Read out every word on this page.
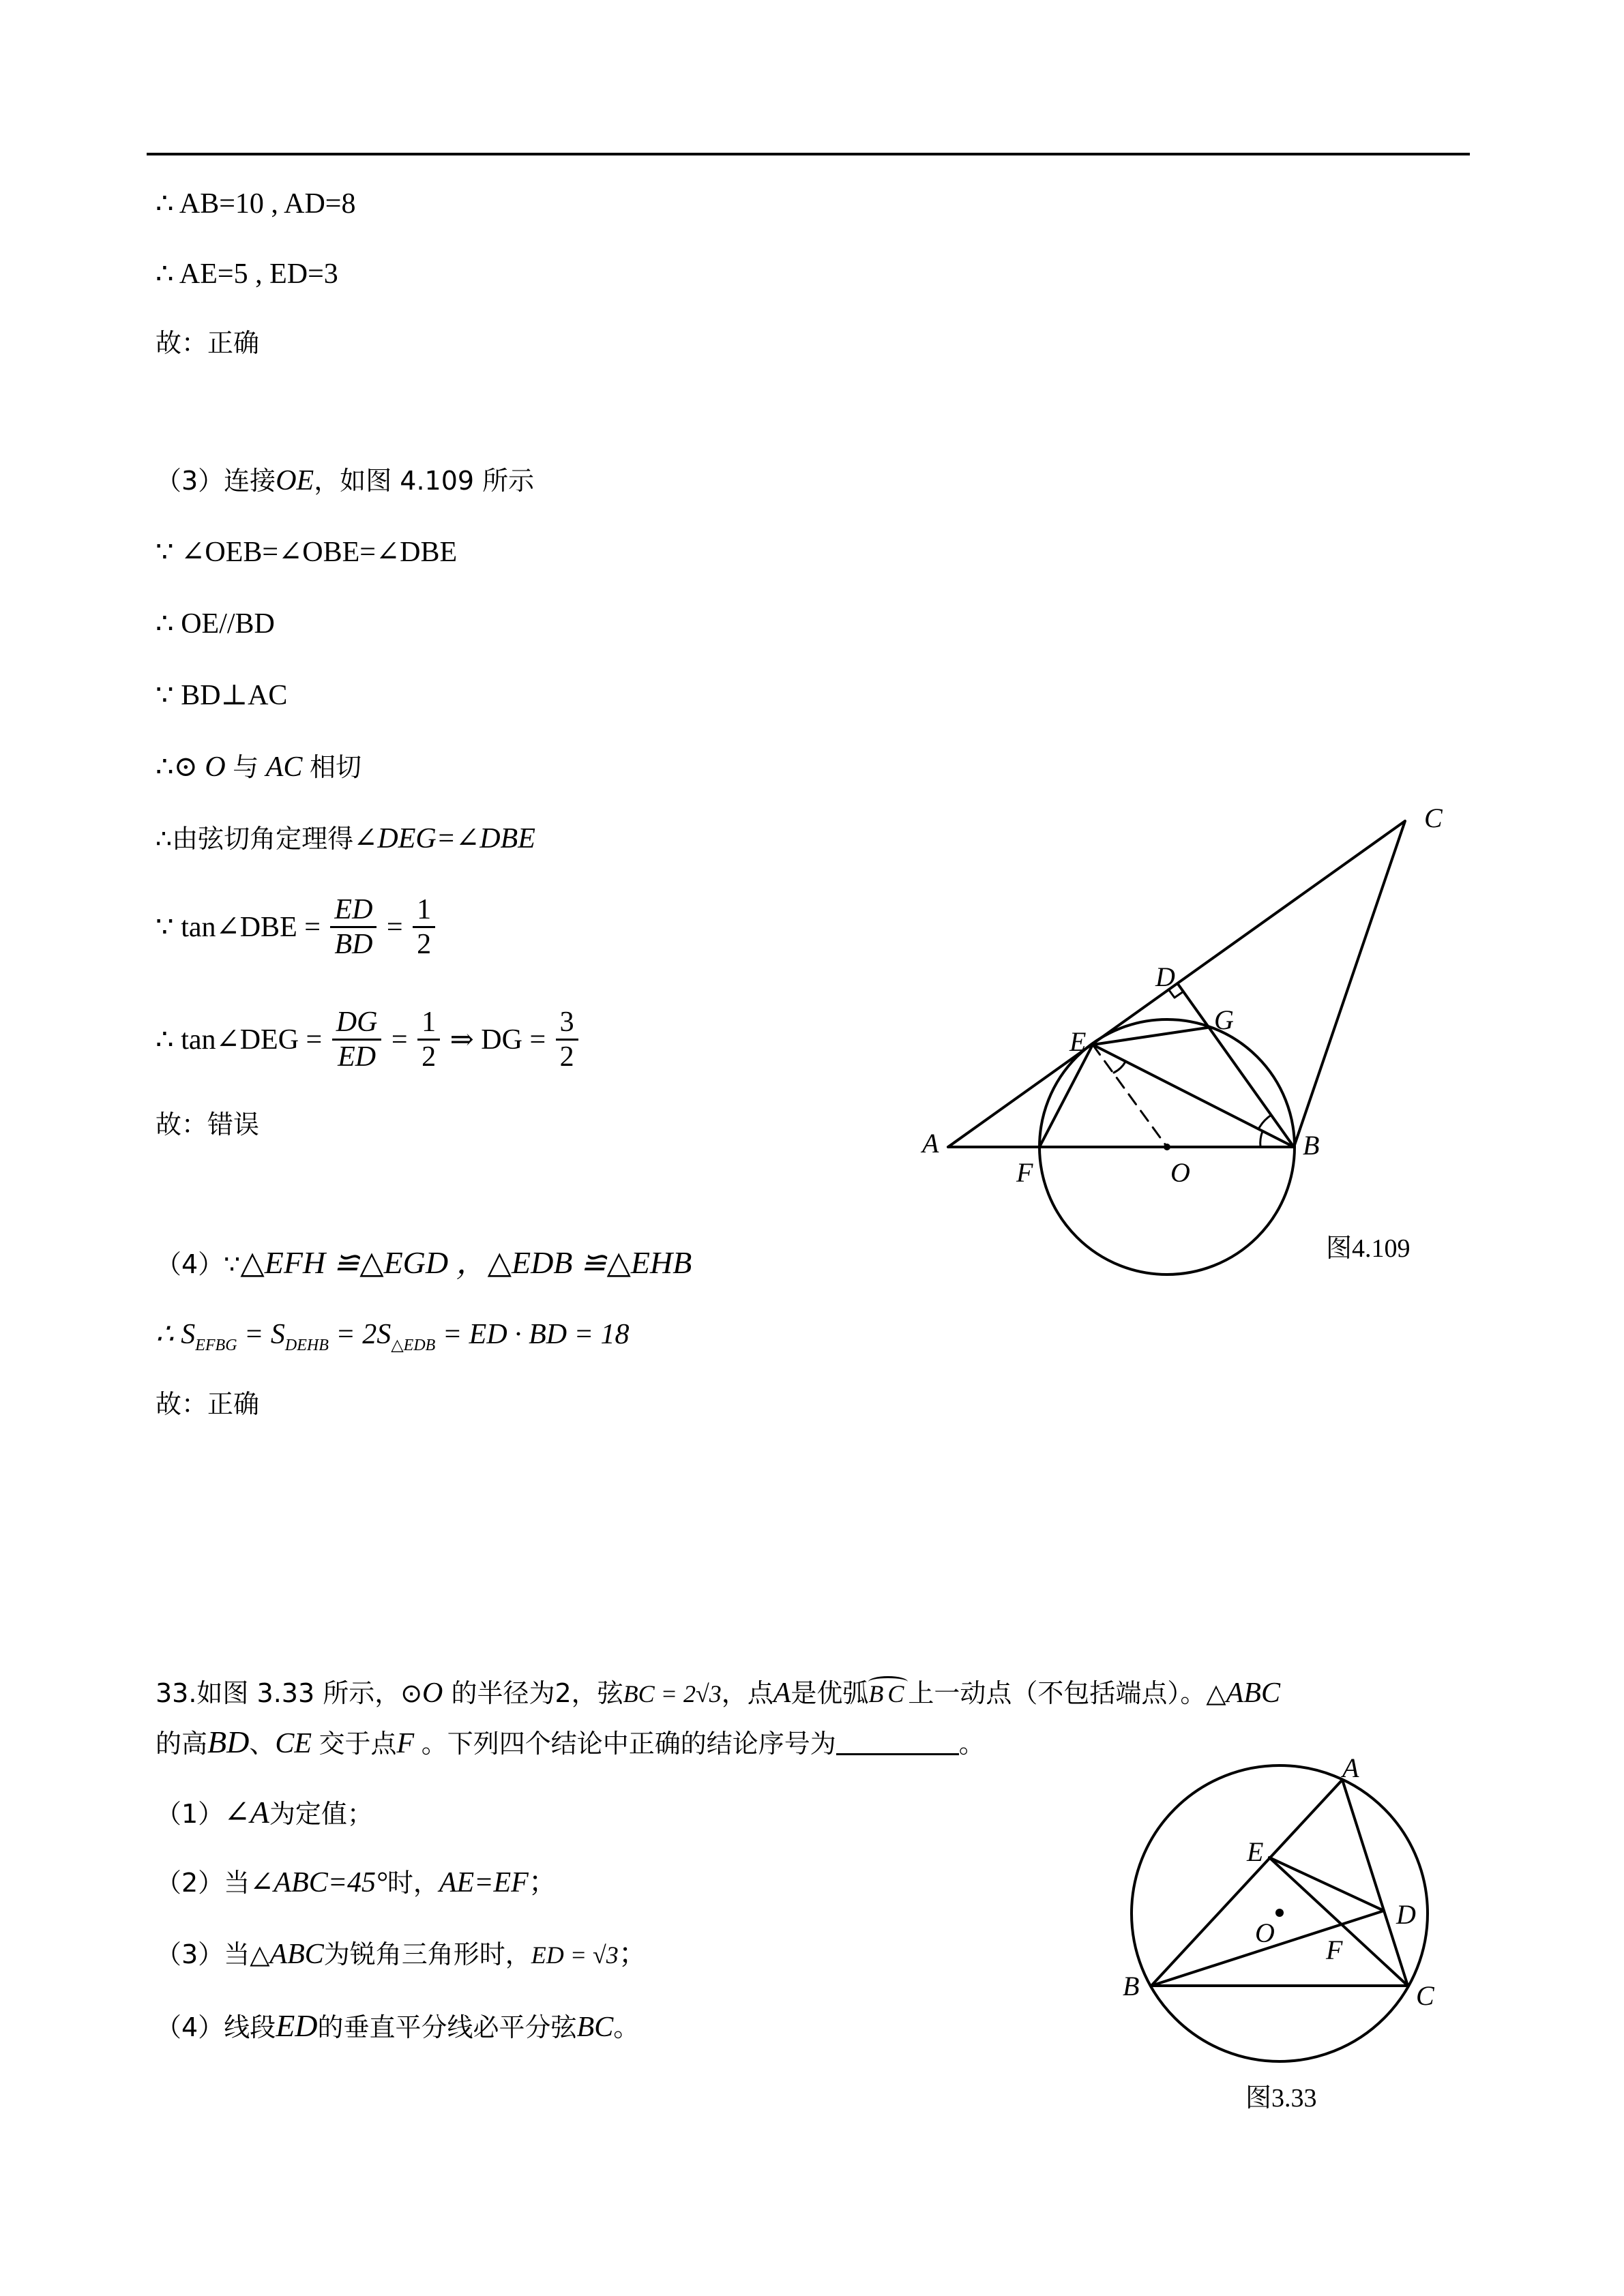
∴ AB=10 , AD=8
∴ AE=5 , ED=3
故：正确
（3）连接OE，如图 4.109 所示
∵ ∠OEB=∠OBE=∠DBE
∴ OE//BD
∵ BD⊥AC
∴⊙ O 与 AC 相切
∴由弦切角定理得∠DEG=∠DBE
∵ tan∠DBE = $\frac{ED}{BD} = \frac{1}{2}$
∴ tan∠DEG = $\frac{DG}{ED} = \frac{1}{2}$ ⇒ DG = $\frac{3}{2}$
故：错误
（4）∵△EFH ≌△EGD ，△EDB ≌△EHB
∴ $S_{EFBG} = S_{DEHB} = 2S_{\triangle EDB}$ = ED · BD = 18
故：正确
33.如图 3.33 所示，⊙O 的半径为2，弦BC = 2√3，点A是优弧BC上一动点（不包括端点）。△ABC
的高BD、CE 交于点F 。下列四个结论中正确的结论序号为	。
（1）∠A为定值；
（2）当∠ABC=45°时，AE=EF；
（3）当△ABC为锐角三角形时，ED = √3；
（4）线段ED的垂直平分线必平分弦BC。
A	B
C
D
E
F
G
O
图4.109
A
B	C
D
E
F
O
图3.33
